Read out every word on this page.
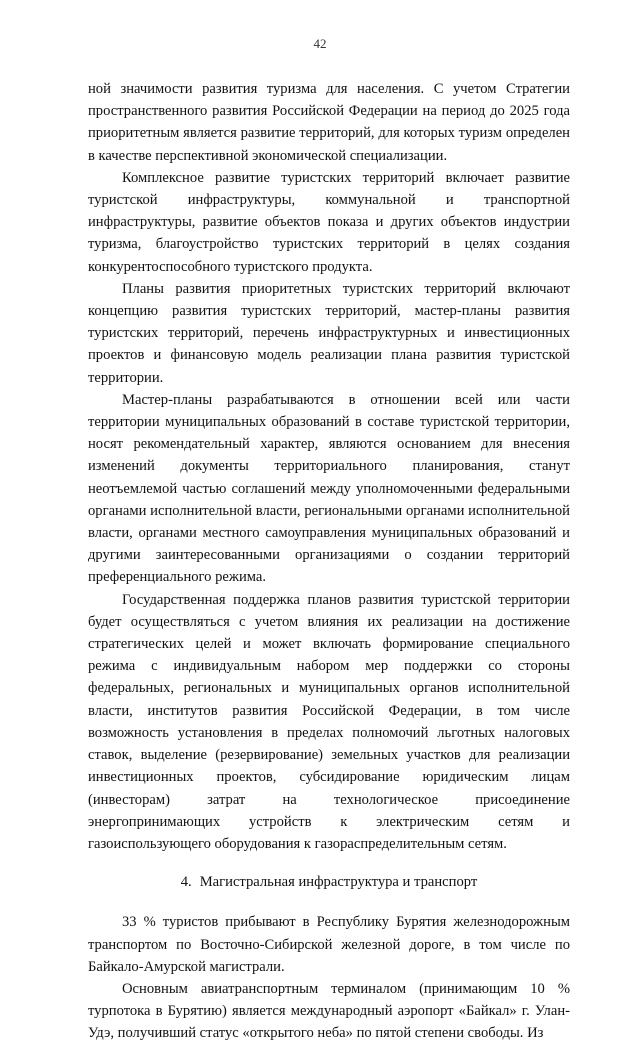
42

ной значимости развития туризма для населения. С учетом Стратегии пространственного развития Российской Федерации на период до 2025 года приоритетным является развитие территорий, для которых туризм определен в качестве перспективной экономической специализации.

Комплексное развитие туристских территорий включает развитие туристской инфраструктуры, коммунальной и транспортной инфраструктуры, развитие объектов показа и других объектов индустрии туризма, благоустройство туристских территорий в целях создания конкурентоспособного туристского продукта.

Планы развития приоритетных туристских территорий включают концепцию развития туристских территорий, мастер-планы развития туристских территорий, перечень инфраструктурных и инвестиционных проектов и финансовую модель реализации плана развития туристской территории.

Мастер-планы разрабатываются в отношении всей или части территории муниципальных образований в составе туристской территории, носят рекомендательный характер, являются основанием для внесения изменений документы территориального планирования, станут неотъемлемой частью соглашений между уполномоченными федеральными органами исполнительной власти, региональными органами исполнительной власти, органами местного самоуправления муниципальных образований и другими заинтересованными организациями о создании территорий преференциального режима.

Государственная поддержка планов развития туристской территории будет осуществляться с учетом влияния их реализации на достижение стратегических целей и может включать формирование специального режима с индивидуальным набором мер поддержки со стороны федеральных, региональных и муниципальных органов исполнительной власти, институтов развития Российской Федерации, в том числе возможность установления в пределах полномочий льготных налоговых ставок, выделение (резервирование) земельных участков для реализации инвестиционных проектов, субсидирование юридическим лицам (инвесторам) затрат на технологическое присоединение энергопринимающих устройств к электрическим сетям и газоиспользующего оборудования к газораспределительным сетям.

4. Магистральная инфраструктура и транспорт

33 % туристов прибывают в Республику Бурятия железнодорожным транспортом по Восточно-Сибирской железной дороге, в том числе по Байкало-Амурской магистрали.

Основным авиатранспортным терминалом (принимающим 10 % турпотока в Бурятию) является международный аэропорт «Байкал» г. Улан-Удэ, получивший статус «открытого неба» по пятой степени свободы. Из
